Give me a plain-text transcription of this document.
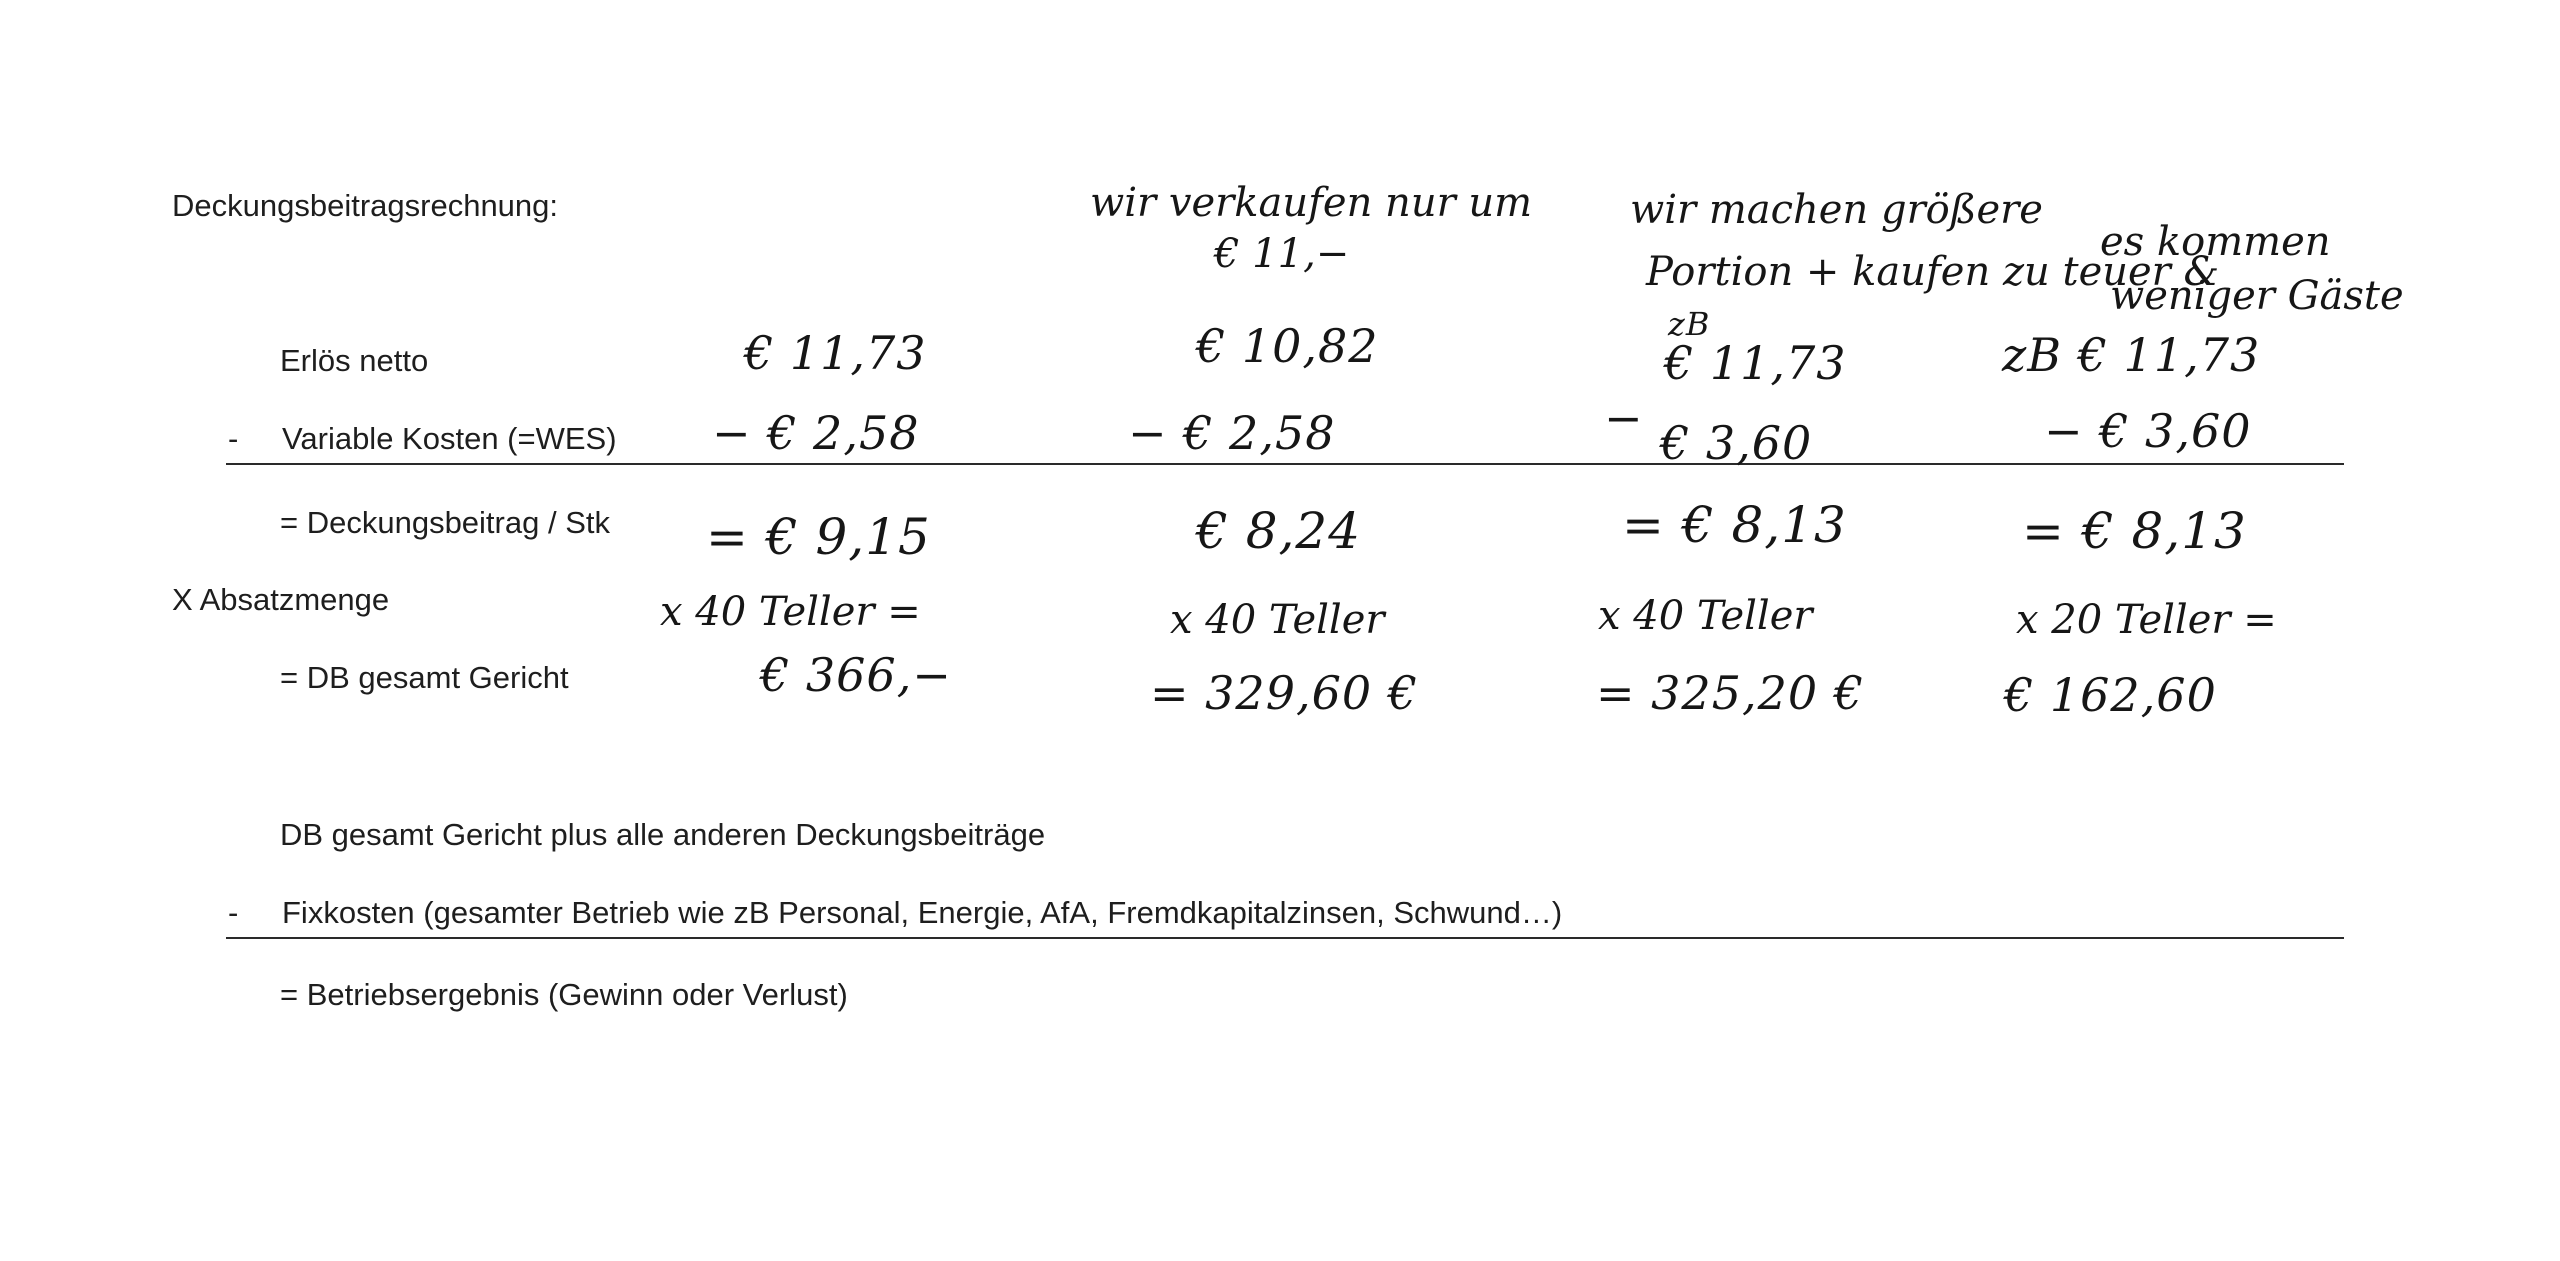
Deckungsbeitragsrechnung:
Erlös netto
- Variable Kosten (=WES)
= Deckungsbeitrag / Stk
X Absatzmenge
= DB gesamt Gericht
DB gesamt Gericht plus alle anderen Deckungsbeiträge
- Fixkosten (gesamter Betrieb wie zB Personal, Energie, AfA, Fremdkapitalzinsen, Schwund…)
= Betriebsergebnis (Gewinn oder Verlust)
€ 11,73
− € 2,58
= € 9,15
x 40 Teller =
€ 366,−
wir verkaufen nur um
€ 11,−
€ 10,82
− € 2,58
€ 8,24
x 40 Teller
= 329,60 €
wir machen größere
Portion + kaufen zu teuer &
zB
€ 11,73
− € 3,60
= € 8,13
x 40 Teller
= 325,20 €
es kommen
weniger Gäste
zB € 11,73
− € 3,60
= € 8,13
x 20 Teller =
€ 162,60
